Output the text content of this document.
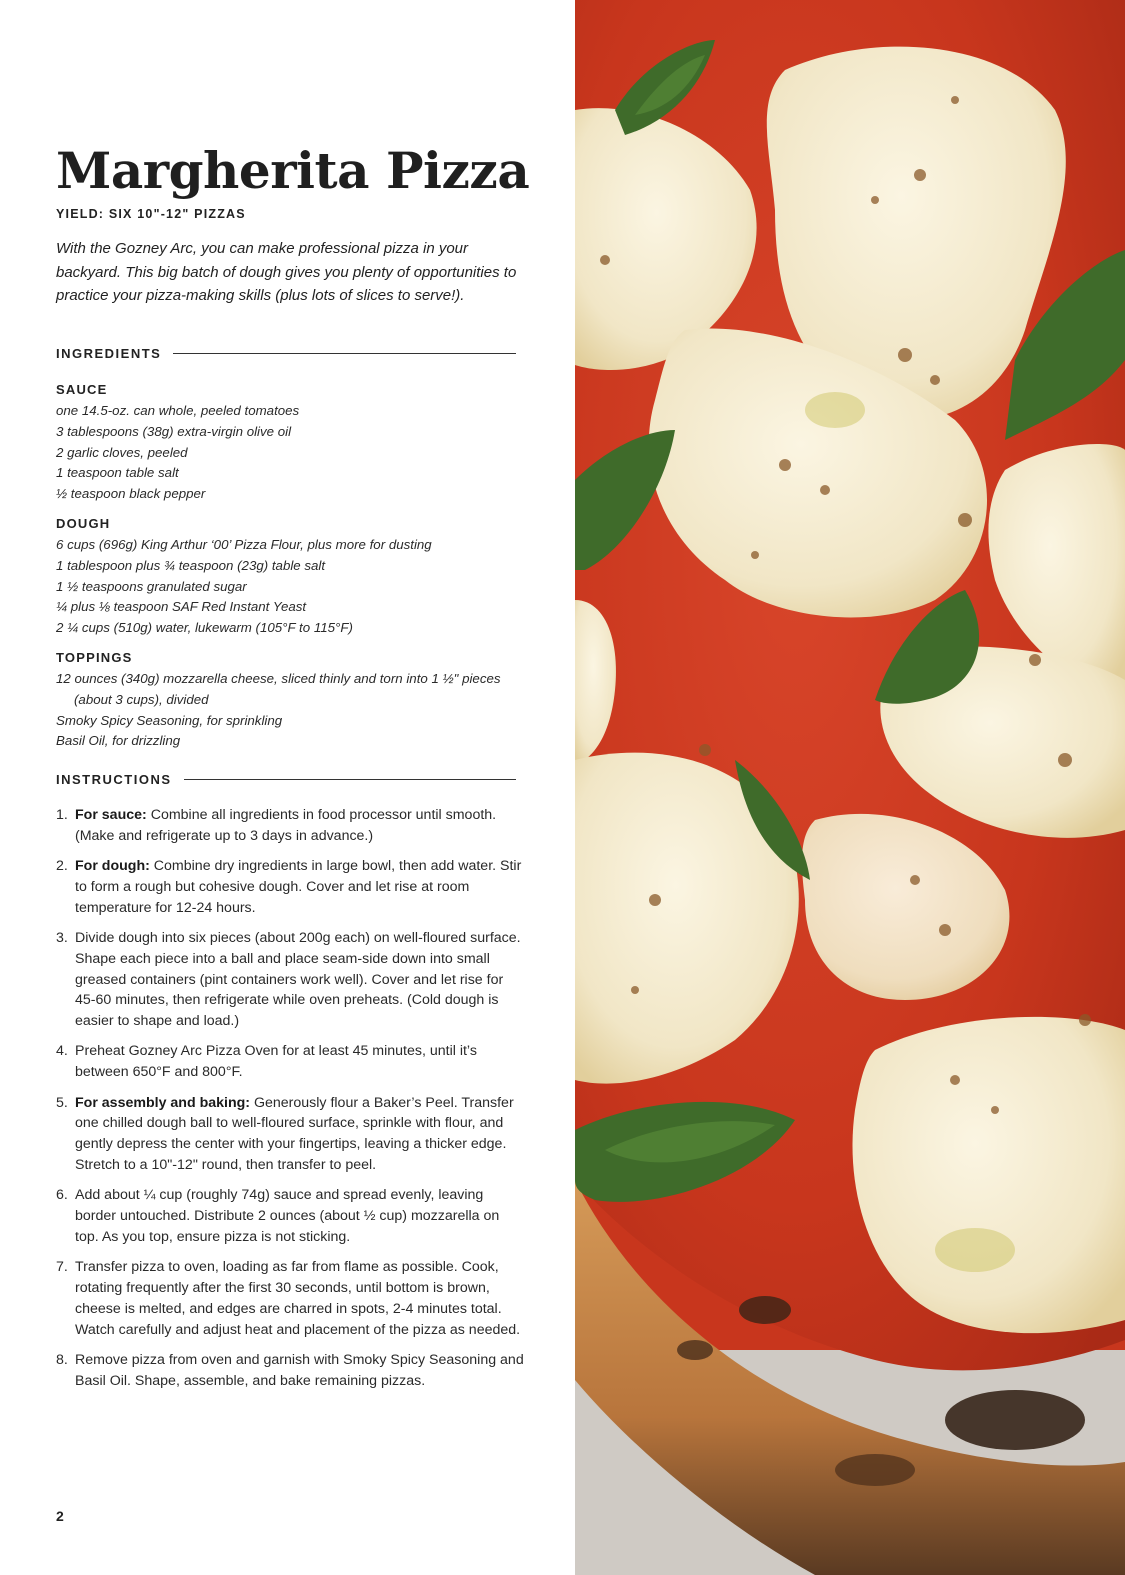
Margherita Pizza
YIELD: SIX 10"-12" PIZZAS

With the Gozney Arc, you can make professional pizza in your backyard. This big batch of dough gives you plenty of opportunities to practice your pizza-making skills (plus lots of slices to serve!).

INGREDIENTS
SAUCE
one 14.5-oz. can whole, peeled tomatoes
3 tablespoons (38g) extra-virgin olive oil
2 garlic cloves, peeled
1 teaspoon table salt
½ teaspoon black pepper
DOUGH
6 cups (696g) King Arthur ‘00’ Pizza Flour, plus more for dusting
1 tablespoon plus ¾ teaspoon (23g) table salt
1 ½ teaspoons granulated sugar
¼ plus ⅛ teaspoon SAF Red Instant Yeast
2 ¼ cups (510g) water, lukewarm (105°F to 115°F)
TOPPINGS
12 ounces (340g) mozzarella cheese, sliced thinly and torn into 1 ½" pieces (about 3 cups), divided
Smoky Spicy Seasoning, for sprinkling
Basil Oil, for drizzling
INSTRUCTIONS
1. For sauce: Combine all ingredients in food processor until smooth. (Make and refrigerate up to 3 days in advance.)
2. For dough: Combine dry ingredients in large bowl, then add water. Stir to form a rough but cohesive dough. Cover and let rise at room temperature for 12-24 hours.
3. Divide dough into six pieces (about 200g each) on well-floured surface. Shape each piece into a ball and place seam-side down into small greased containers (pint containers work well). Cover and let rise for 45-60 minutes, then refrigerate while oven preheats. (Cold dough is easier to shape and load.)
4. Preheat Gozney Arc Pizza Oven for at least 45 minutes, until it’s between 650°F and 800°F.
5. For assembly and baking: Generously flour a Baker’s Peel. Transfer one chilled dough ball to well-floured surface, sprinkle with flour, and gently depress the center with your fingertips, leaving a thicker edge. Stretch to a 10"-12" round, then transfer to peel.
6. Add about ¼ cup (roughly 74g) sauce and spread evenly, leaving border untouched. Distribute 2 ounces (about ½ cup) mozzarella on top. As you top, ensure pizza is not sticking.
7. Transfer pizza to oven, loading as far from flame as possible. Cook, rotating frequently after the first 30 seconds, until bottom is brown, cheese is melted, and edges are charred in spots, 2-4 minutes total. Watch carefully and adjust heat and placement of the pizza as needed.
8. Remove pizza from oven and garnish with Smoky Spicy Seasoning and Basil Oil. Shape, assemble, and bake remaining pizzas.
2
